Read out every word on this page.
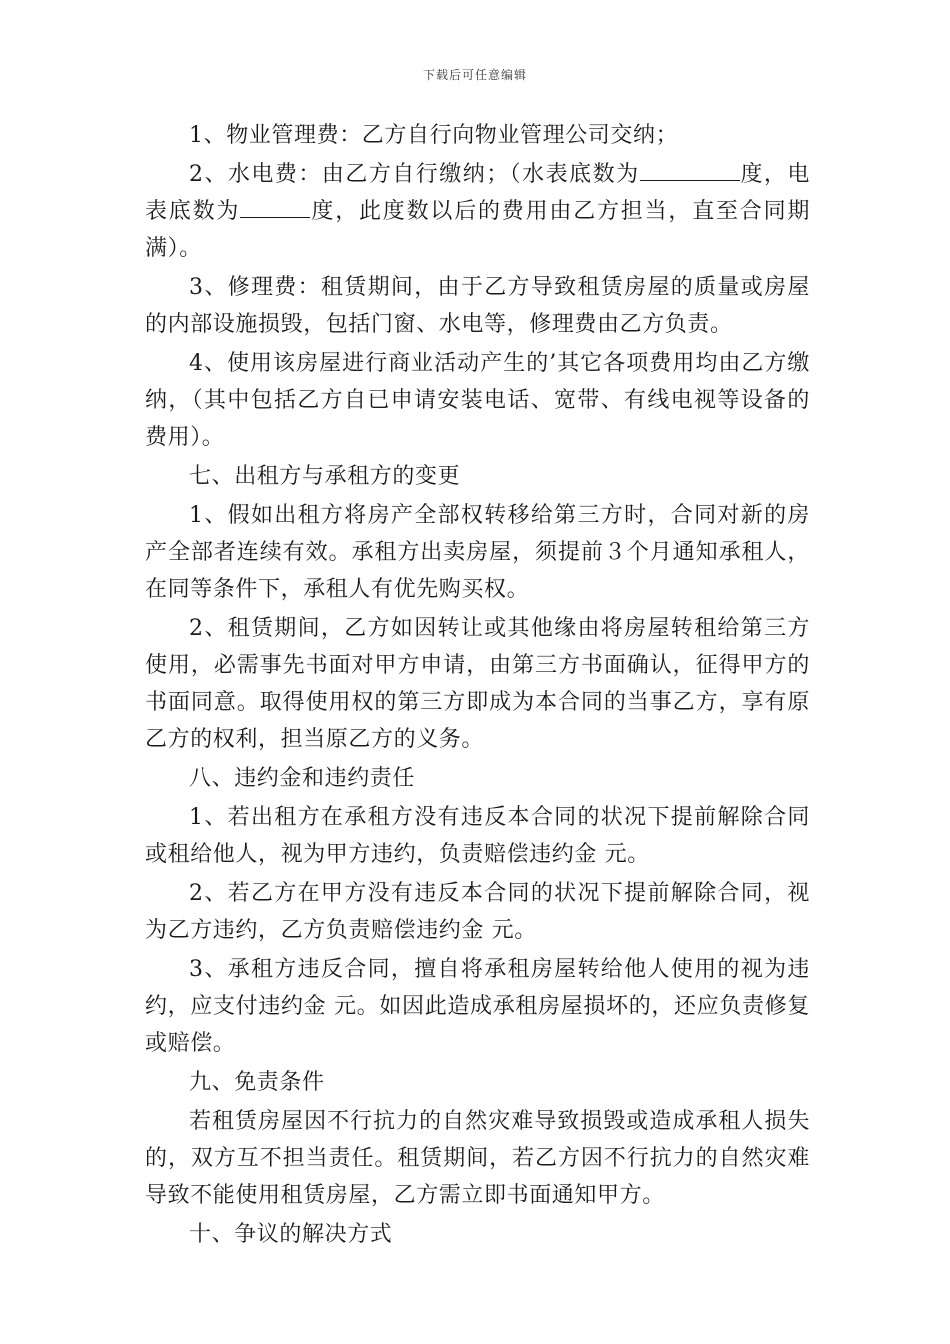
下载后可任意编辑

1、物业管理费：乙方自行向物业管理公司交纳；

2、水电费：由乙方自行缴纳；（水表底数为	度，电表底数为	度，此度数以后的费用由乙方担当，直至合同期满）。

3、修理费：租赁期间，由于乙方导致租赁房屋的质量或房屋的内部设施损毁，包括门窗、水电等，修理费由乙方负责。

4、使用该房屋进行商业活动产生的’其它各项费用均由乙方缴纳，（其中包括乙方自已申请安装电话、宽带、有线电视等设备的费用）。

七、出租方与承租方的变更

1、假如出租方将房产全部权转移给第三方时，合同对新的房产全部者连续有效。承租方出卖房屋，须提前３个月通知承租人，在同等条件下，承租人有优先购买权。

2、租赁期间，乙方如因转让或其他缘由将房屋转租给第三方使用，必需事先书面对甲方申请，由第三方书面确认，征得甲方的书面同意。取得使用权的第三方即成为本合同的当事乙方，享有原乙方的权利，担当原乙方的义务。

八、违约金和违约责任

1、若出租方在承租方没有违反本合同的状况下提前解除合同或租给他人，视为甲方违约，负责赔偿违约金 元。

2、若乙方在甲方没有违反本合同的状况下提前解除合同，视为乙方违约，乙方负责赔偿违约金 元。

3、承租方违反合同，擅自将承租房屋转给他人使用的视为违约，应支付违约金 元。如因此造成承租房屋损坏的，还应负责修复或赔偿。

九、免责条件

若租赁房屋因不行抗力的自然灾难导致损毁或造成承租人损失的，双方互不担当责任。租赁期间，若乙方因不行抗力的自然灾难导致不能使用租赁房屋，乙方需立即书面通知甲方。

十、争议的解决方式
